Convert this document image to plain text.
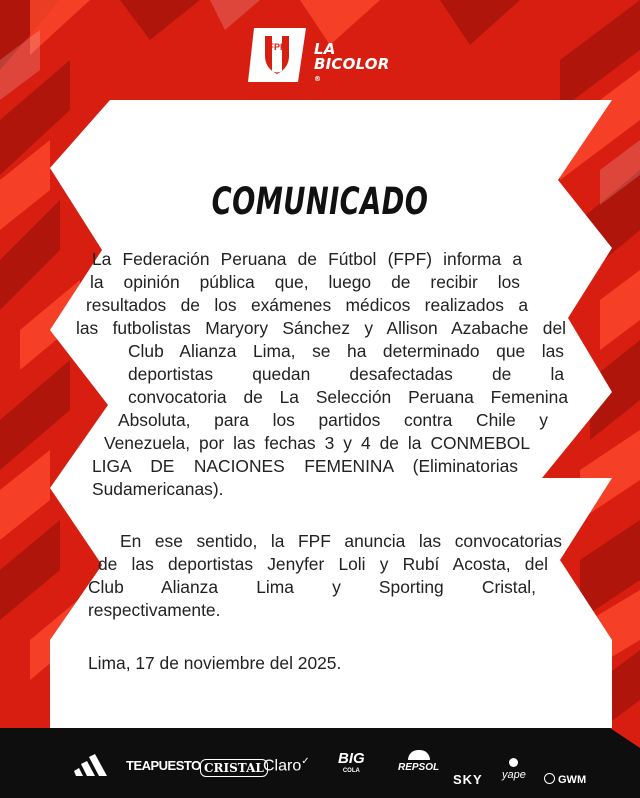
FPF LA
BICOLOR
®
COMUNICADO
La Federación Peruana de Fútbol (FPF) informa a
la opinión pública que, luego de recibir los
resultados de los exámenes médicos realizados a
las futbolistas Maryory Sánchez y Allison Azabache del
Club Alianza Lima, se ha determinado que las
deportistas quedan desafectadas de la
convocatoria de La Selección Peruana Femenina
Absoluta, para los partidos contra Chile y
Venezuela, por las fechas 3 y 4 de la CONMEBOL
LIGA DE NACIONES FEMENINA (Eliminatorias
Sudamericanas).
En ese sentido, la FPF anuncia las convocatorias
de las deportistas Jenyfer Loli y Rubí Acosta, del
Club Alianza Lima y Sporting Cristal,
respectivamente.
Lima, 17 de noviembre del 2025.
TEAPUESTO CRISTAL Claro✓ BIG
COLA	REPSOL
SKY yape	GWM
